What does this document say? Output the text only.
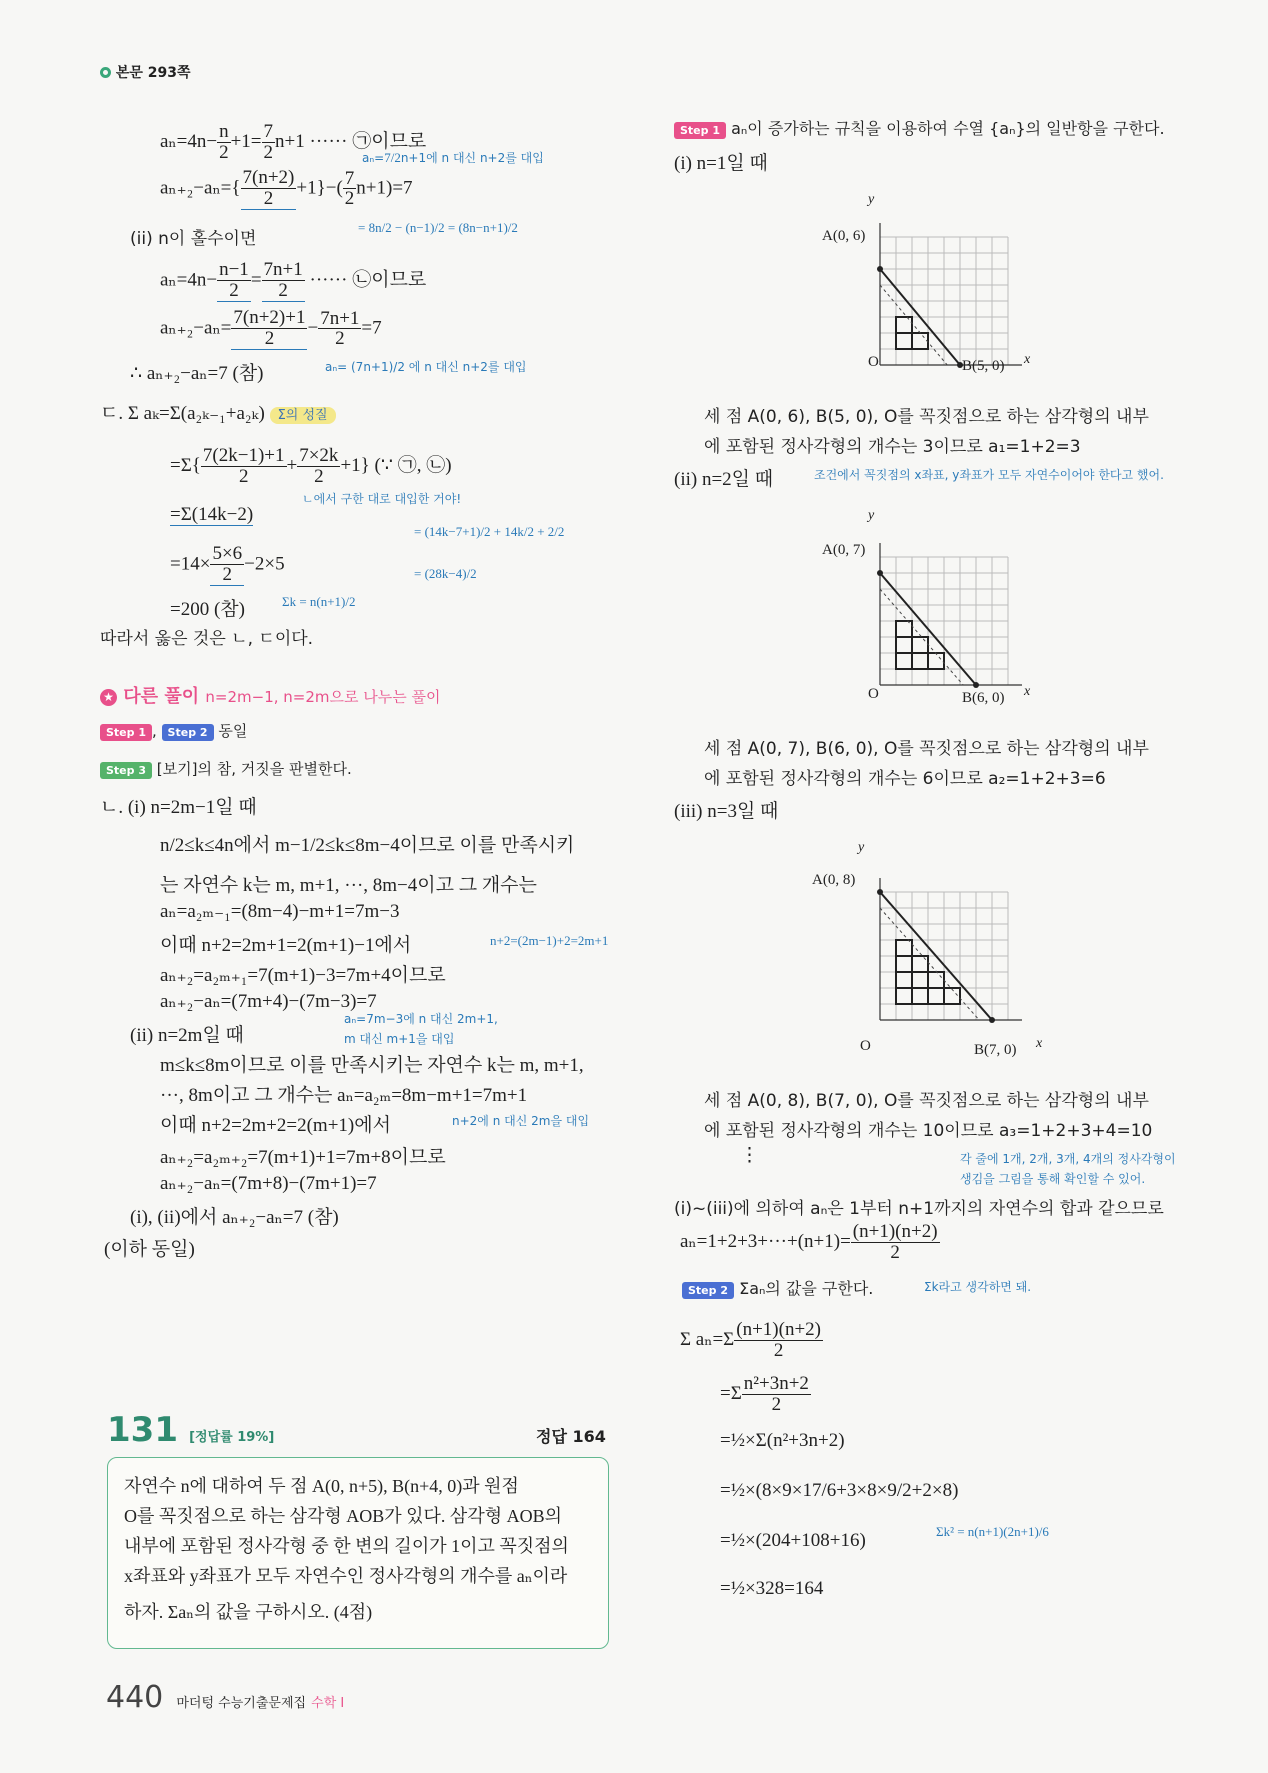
본문 293쪽
$a_n=4n- \frac{n}{2} +1= \frac{7}{2} n+1$ ······ ㉠이므로
aₙ=7/2n+1에 n 대신 n+2를 대입
$a_{n+2}-a_n=\{ \frac{7(n+2)}{2} +1\}-( \frac{7}{2} n+1)=7$
(ii) n이 홀수이면
= 8n/2 − (n−1)/2 = (8n−n+1)/2
$a_n=4n- \frac{n-1}{2} = \frac{7n+1}{2}$ ······ ㉡이므로
$a_{n+2}-a_n= \frac{7(n+2)+1}{2} - \frac{7n+1}{2} =7$
∴ aₙ₊₂−aₙ=7 (참)	aₙ= (7n+1)/2 에 n 대신 n+2를 대입
ㄷ. Σ aₖ=Σ(a₂ₖ₋₁+a₂ₖ) Σ의 성질
$=\Sigma\{ \frac{7(2k-1)+1}{2} + \frac{7\times 2k}{2} +1\}$ (∵ ㉠, ㉡)
ㄴ에서 구한 대로 대입한 거야!
=Σ(14k−2)
= (14k−7+1)/2 + 14k/2 + 2/2
$=14\times \frac{5\times 6}{2} -2\times 5$	= (28k−4)/2
=200 (참)	Σk = n(n+1)/2
따라서 옳은 것은 ㄴ, ㄷ이다.
★ 다른 풀이 n=2m−1, n=2m으로 나누는 풀이
Step 1 , Step 2 동일
Step 3 [보기]의 참, 거짓을 판별한다.
ㄴ. (i) n=2m−1일 때
n/2≤k≤4n에서 m−1/2≤k≤8m−4이므로 이를 만족시키
는 자연수 k는 m, m+1, ···, 8m−4이고 그 개수는
aₙ=a₂ₘ₋₁=(8m−4)−m+1=7m−3
이때 n+2=2m+1=2(m+1)−1에서	n+2=(2m−1)+2=2m+1
aₙ₊₂=a₂ₘ₊₁=7(m+1)−3=7m+4이므로
aₙ₊₂−aₙ=(7m+4)−(7m−3)=7
aₙ=7m−3에 n 대신 2m+1,
(ii) n=2m일 때	m 대신 m+1을 대입
m≤k≤8m이므로 이를 만족시키는 자연수 k는 m, m+1,
···, 8m이고 그 개수는 aₙ=a₂ₘ=8m−m+1=7m+1
이때 n+2=2m+2=2(m+1)에서	n+2에 n 대신 2m을 대입
aₙ₊₂=a₂ₘ₊₂=7(m+1)+1=7m+8이므로
aₙ₊₂−aₙ=(7m+8)−(7m+1)=7
(i), (ii)에서 aₙ₊₂−aₙ=7 (참)
(이하 동일)
131 [정답률 19%]	정답 164
자연수 n에 대하여 두 점 A(0, n+5), B(n+4, 0)과 원점
O를 꼭짓점으로 하는 삼각형 AOB가 있다. 삼각형 AOB의
내부에 포함된 정사각형 중 한 변의 길이가 1이고 꼭짓점의
x좌표와 y좌표가 모두 자연수인 정사각형의 개수를 aₙ이라
하자. Σaₙ의 값을 구하시오. (4점)
440 마더텅 수능기출문제집 수학 I
Step 1 aₙ이 증가하는 규칙을 이용하여 수열 {aₙ}의 일반항을 구한다.
(i) n=1일 때
A(0, 6)
B(5, 0)
O	x
y
세 점 A(0, 6), B(5, 0), O를 꼭짓점으로 하는 삼각형의 내부
에 포함된 정사각형의 개수는 3이므로 a₁=1+2=3
(ii) n=2일 때	조건에서 꼭짓점의 x좌표, y좌표가 모두 자연수이어야 한다고 했어.
A(0, 7)
B(6, 0)
O	x
y
세 점 A(0, 7), B(6, 0), O를 꼭짓점으로 하는 삼각형의 내부
에 포함된 정사각형의 개수는 6이므로 a₂=1+2+3=6
(iii) n=3일 때
A(0, 8)
B(7, 0)
O	x
y
세 점 A(0, 8), B(7, 0), O를 꼭짓점으로 하는 삼각형의 내부
에 포함된 정사각형의 개수는 10이므로 a₃=1+2+3+4=10
⋮	각 줄에 1개, 2개, 3개, 4개의 정사각형이
생김을 그림을 통해 확인할 수 있어.
(i)~(iii)에 의하여 aₙ은 1부터 n+1까지의 자연수의 합과 같으므로
$a_n=1+2+3+\cdot\cdot\cdot+(n+1)= \frac{(n+1)(n+2)}{2}$
Step 2 Σaₙ의 값을 구한다.	Σk라고 생각하면 돼.
Σ $a_n=\Sigma \frac{(n+1)(n+2)}{2}$
$=\Sigma \frac{\text{n²+3n+2}}{2}$
=½×Σ(n²+3n+2)
=½×(8×9×17/6+3×8×9/2+2×8)
=½×(204+108+16)	Σk² = n(n+1)(2n+1)/6
=½×328=164
